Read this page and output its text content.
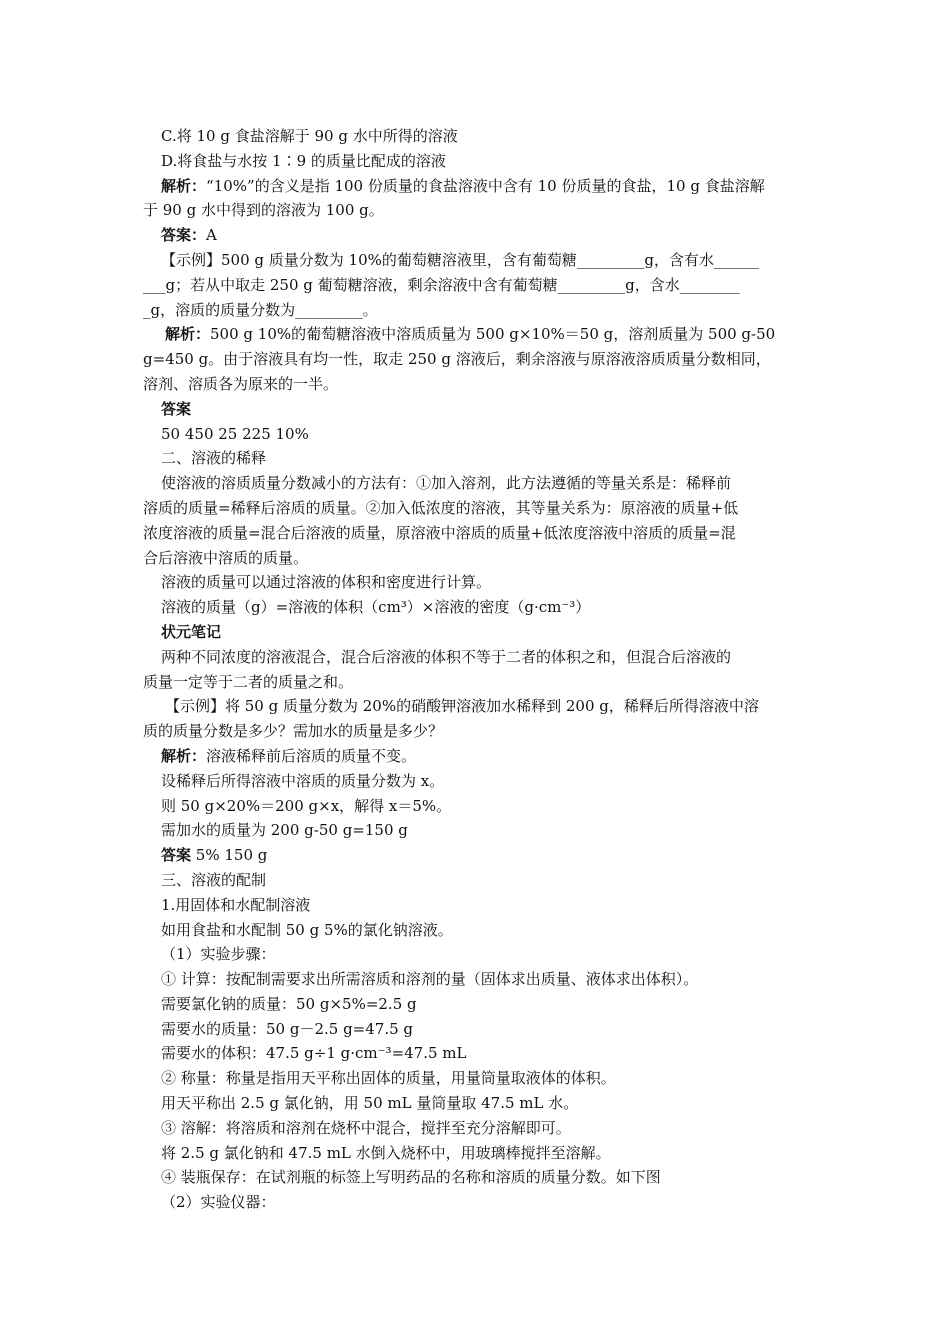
C.将 10 g 食盐溶解于 90 g 水中所得的溶液

D.将食盐与水按 1∶9 的质量比配成的溶液

解析：“10%”的含义是指 100 份质量的食盐溶液中含有 10 份质量的食盐，10 g 食盐溶解

于 90 g 水中得到的溶液为 100 g。

答案：A

【示例】500 g 质量分数为 10%的葡萄糖溶液里，含有葡萄糖_________g，含有水______

___g；若从中取走 250 g 葡萄糖溶液，剩余溶液中含有葡萄糖_________g，含水________

_g，溶质的质量分数为_________。

解析：500 g 10%的葡萄糖溶液中溶质质量为 500 g×10%＝50 g，溶剂质量为 500 g-50

g=450 g。由于溶液具有均一性，取走 250 g 溶液后，剩余溶液与原溶液溶质质量分数相同，

溶剂、溶质各为原来的一半。

答案

50 450 25 225 10%

二、溶液的稀释

使溶液的溶质质量分数减小的方法有：①加入溶剂，此方法遵循的等量关系是：稀释前

溶质的质量=稀释后溶质的质量。②加入低浓度的溶液，其等量关系为：原溶液的质量+低

浓度溶液的质量=混合后溶液的质量，原溶液中溶质的质量+低浓度溶液中溶质的质量=混

合后溶液中溶质的质量。

溶液的质量可以通过溶液的体积和密度进行计算。

溶液的质量（g）=溶液的体积（cm³）×溶液的密度（g·cm⁻³）

状元笔记

两种不同浓度的溶液混合，混合后溶液的体积不等于二者的体积之和，但混合后溶液的

质量一定等于二者的质量之和。

【示例】将 50 g 质量分数为 20%的硝酸钾溶液加水稀释到 200 g，稀释后所得溶液中溶

质的质量分数是多少？需加水的质量是多少？

解析：溶液稀释前后溶质的质量不变。

设稀释后所得溶液中溶质的质量分数为 x。

则 50 g×20%＝200 g×x，解得 x＝5%。

需加水的质量为 200 g-50 g=150 g

答案 5% 150 g

三、溶液的配制

1.用固体和水配制溶液

如用食盐和水配制 50 g 5%的氯化钠溶液。

（1）实验步骤：

① 计算：按配制需要求出所需溶质和溶剂的量（固体求出质量、液体求出体积）。

需要氯化钠的质量：50 g×5%=2.5 g

需要水的质量：50 g－2.5 g=47.5 g

需要水的体积：47.5 g÷1 g·cm⁻³=47.5 mL

② 称量：称量是指用天平称出固体的质量，用量筒量取液体的体积。

用天平称出 2.5 g 氯化钠，用 50 mL 量筒量取 47.5 mL 水。

③ 溶解：将溶质和溶剂在烧杯中混合，搅拌至充分溶解即可。

将 2.5 g 氯化钠和 47.5 mL 水倒入烧杯中，用玻璃棒搅拌至溶解。

④ 装瓶保存：在试剂瓶的标签上写明药品的名称和溶质的质量分数。如下图

（2）实验仪器：
